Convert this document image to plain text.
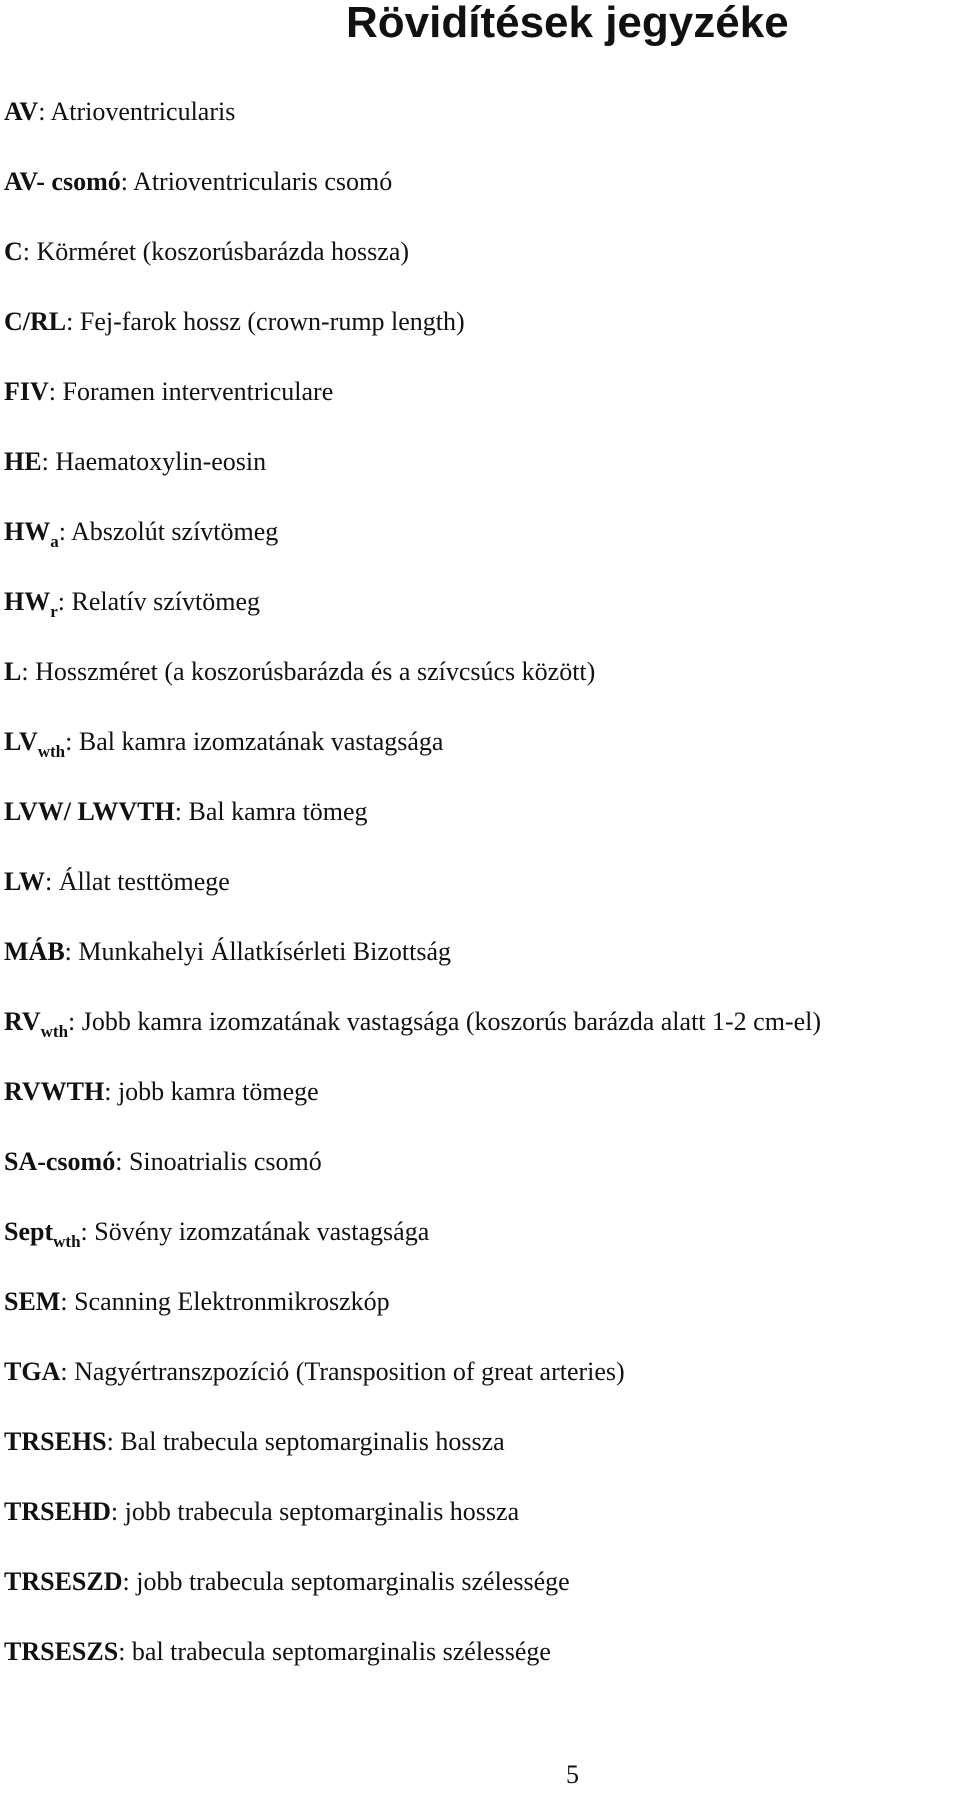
Rövidítések jegyzéke
AV: Atrioventricularis
AV- csomó: Atrioventricularis csomó
C: Körméret (koszorúsbarázda hossza)
C/RL: Fej-farok hossz (crown-rump length)
FIV: Foramen interventriculare
HE: Haematoxylin-eosin
$HW_a$: Abszolút szívtömeg
$HW_r$: Relatív szívtömeg
L: Hosszméret (a koszorúsbarázda és a szívcsúcs között)
$LV_{wth}$: Bal kamra izomzatának vastagsága
LVW/ LWVTH: Bal kamra tömeg
LW: Állat testtömege
MÁB: Munkahelyi Állatkísérleti Bizottság
$RV_{wth}$: Jobb kamra izomzatának vastagsága (koszorús barázda alatt 1-2 cm-el)
RVWTH: jobb kamra tömege
SA-csomó: Sinoatrialis csomó
Sept$_{wth}$: Sövény izomzatának vastagsága
SEM: Scanning Elektronmikroszkóp
TGA: Nagyértranszpozíció (Transposition of great arteries)
TRSEHS: Bal trabecula septomarginalis hossza
TRSEHD: jobb trabecula septomarginalis hossza
TRSESZD: jobb trabecula septomarginalis szélessége
TRSESZS: bal trabecula septomarginalis szélessége
5
